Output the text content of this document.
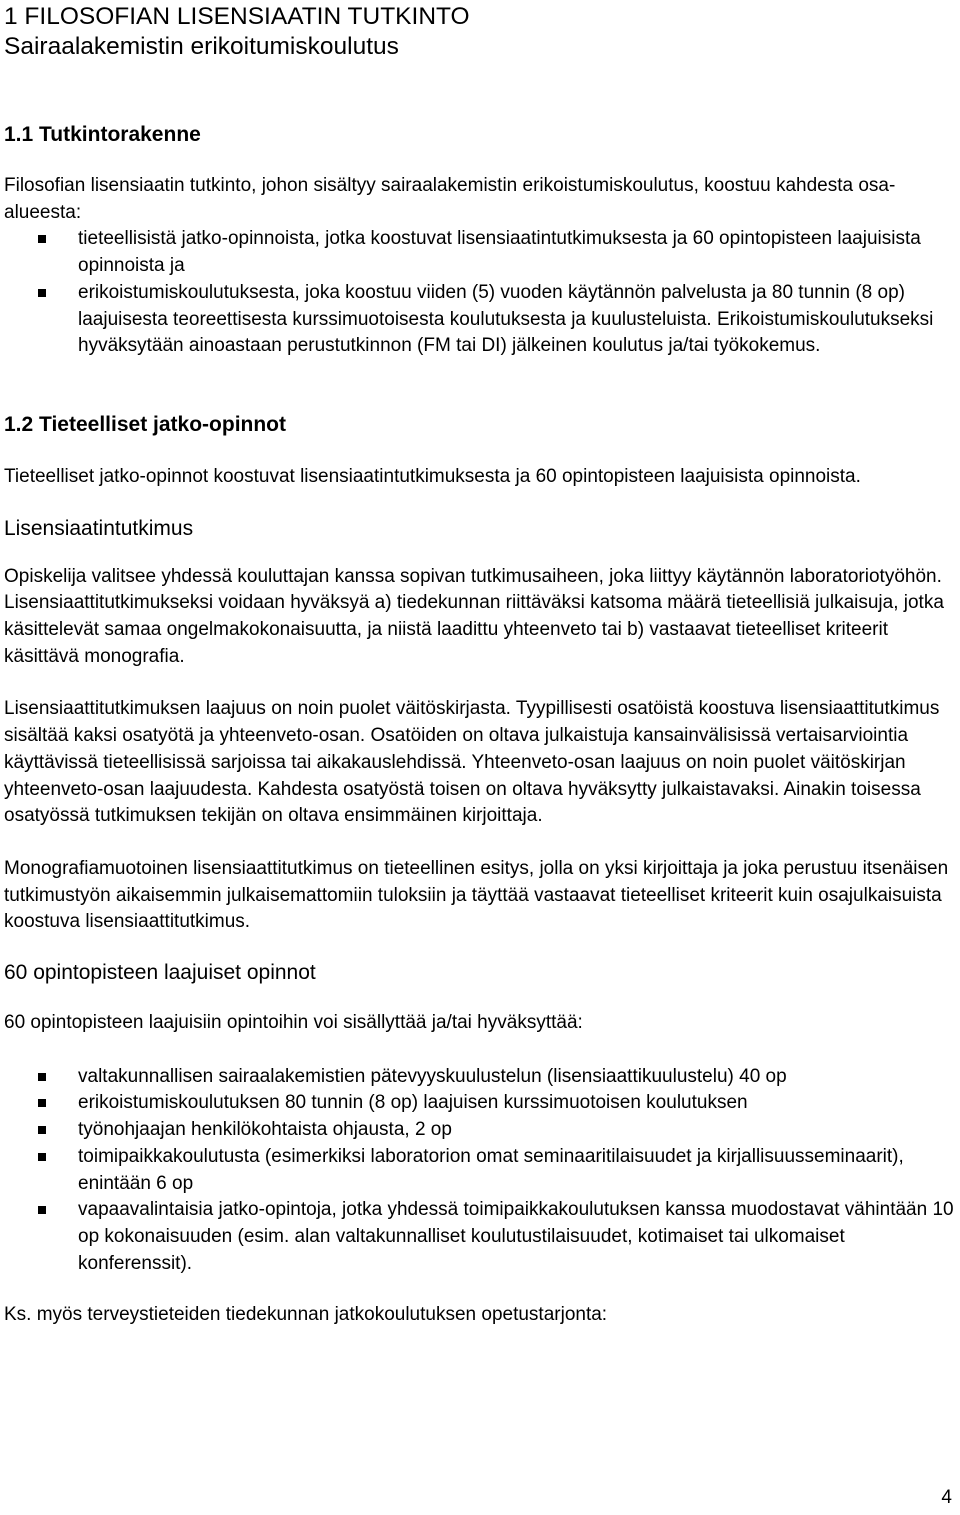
1 FILOSOFIAN LISENSIAATIN TUTKINTO
Sairaalakemistin erikoitumiskoulutus
1.1 Tutkintorakenne

Filosofian lisensiaatin tutkinto, johon sisältyy sairaalakemistin erikoistumiskoulutus, koostuu kahdesta osa-alueesta:

tieteellisistä jatko-opinnoista, jotka koostuvat lisensiaatintutkimuksesta ja 60 opintopisteen laajuisista opinnoista ja
erikoistumiskoulutuksesta, joka koostuu viiden (5) vuoden käytännön palvelusta ja 80 tunnin (8 op) laajuisesta teoreettisesta kurssimuotoisesta koulutuksesta ja kuulusteluista. Erikoistumiskoulutukseksi hyväksytään ainoastaan perustutkinnon (FM tai DI) jälkeinen koulutus ja/tai työkokemus.
1.2 Tieteelliset jatko-opinnot

Tieteelliset jatko-opinnot koostuvat lisensiaatintutkimuksesta ja 60 opintopisteen laajuisista opinnoista.

Lisensiaatintutkimus

Opiskelija valitsee yhdessä kouluttajan kanssa sopivan tutkimusaiheen, joka liittyy käytännön laboratoriotyöhön. Lisensiaattitutkimukseksi voidaan hyväksyä a) tiedekunnan riittäväksi katsoma määrä tieteellisiä julkaisuja, jotka käsittelevät samaa ongelmakokonaisuutta, ja niistä laadittu yhteenveto tai b) vastaavat tieteelliset kriteerit käsittävä monografia.

Lisensiaattitutkimuksen laajuus on noin puolet väitöskirjasta. Tyypillisesti osatöistä koostuva lisensiaattitutkimus sisältää kaksi osatyötä ja yhteenveto-osan. Osatöiden on oltava julkaistuja kansainvälisissä vertaisarviointia käyttävissä tieteellisissä sarjoissa tai aikakauslehdissä. Yhteenveto-osan laajuus on noin puolet väitöskirjan yhteenveto-osan laajuudesta. Kahdesta osatyöstä toisen on oltava hyväksytty julkaistavaksi. Ainakin toisessa osatyössä tutkimuksen tekijän on oltava ensimmäinen kirjoittaja.

Monografiamuotoinen lisensiaattitutkimus on tieteellinen esitys, jolla on yksi kirjoittaja ja joka perustuu itsenäisen tutkimustyön aikaisemmin julkaisemattomiin tuloksiin ja täyttää vastaavat tieteelliset kriteerit kuin osajulkaisuista koostuva lisensiaattitutkimus.

60 opintopisteen laajuiset opinnot

60 opintopisteen laajuisiin opintoihin voi sisällyttää ja/tai hyväksyttää:

valtakunnallisen sairaalakemistien pätevyyskuulustelun (lisensiaattikuulustelu) 40 op
erikoistumiskoulutuksen 80 tunnin (8 op) laajuisen kurssimuotoisen koulutuksen
työnohjaajan henkilökohtaista ohjausta, 2 op
toimipaikkakoulutusta (esimerkiksi laboratorion omat seminaaritilaisuudet ja kirjallisuusseminaarit), enintään 6 op
vapaavalintaisia jatko-opintoja, jotka yhdessä toimipaikkakoulutuksen kanssa muodostavat vähintään 10 op kokonaisuuden (esim. alan valtakunnalliset koulutustilaisuudet, kotimaiset tai ulkomaiset konferenssit).

Ks. myös terveystieteiden tiedekunnan jatkokoulutuksen opetustarjonta:

4
